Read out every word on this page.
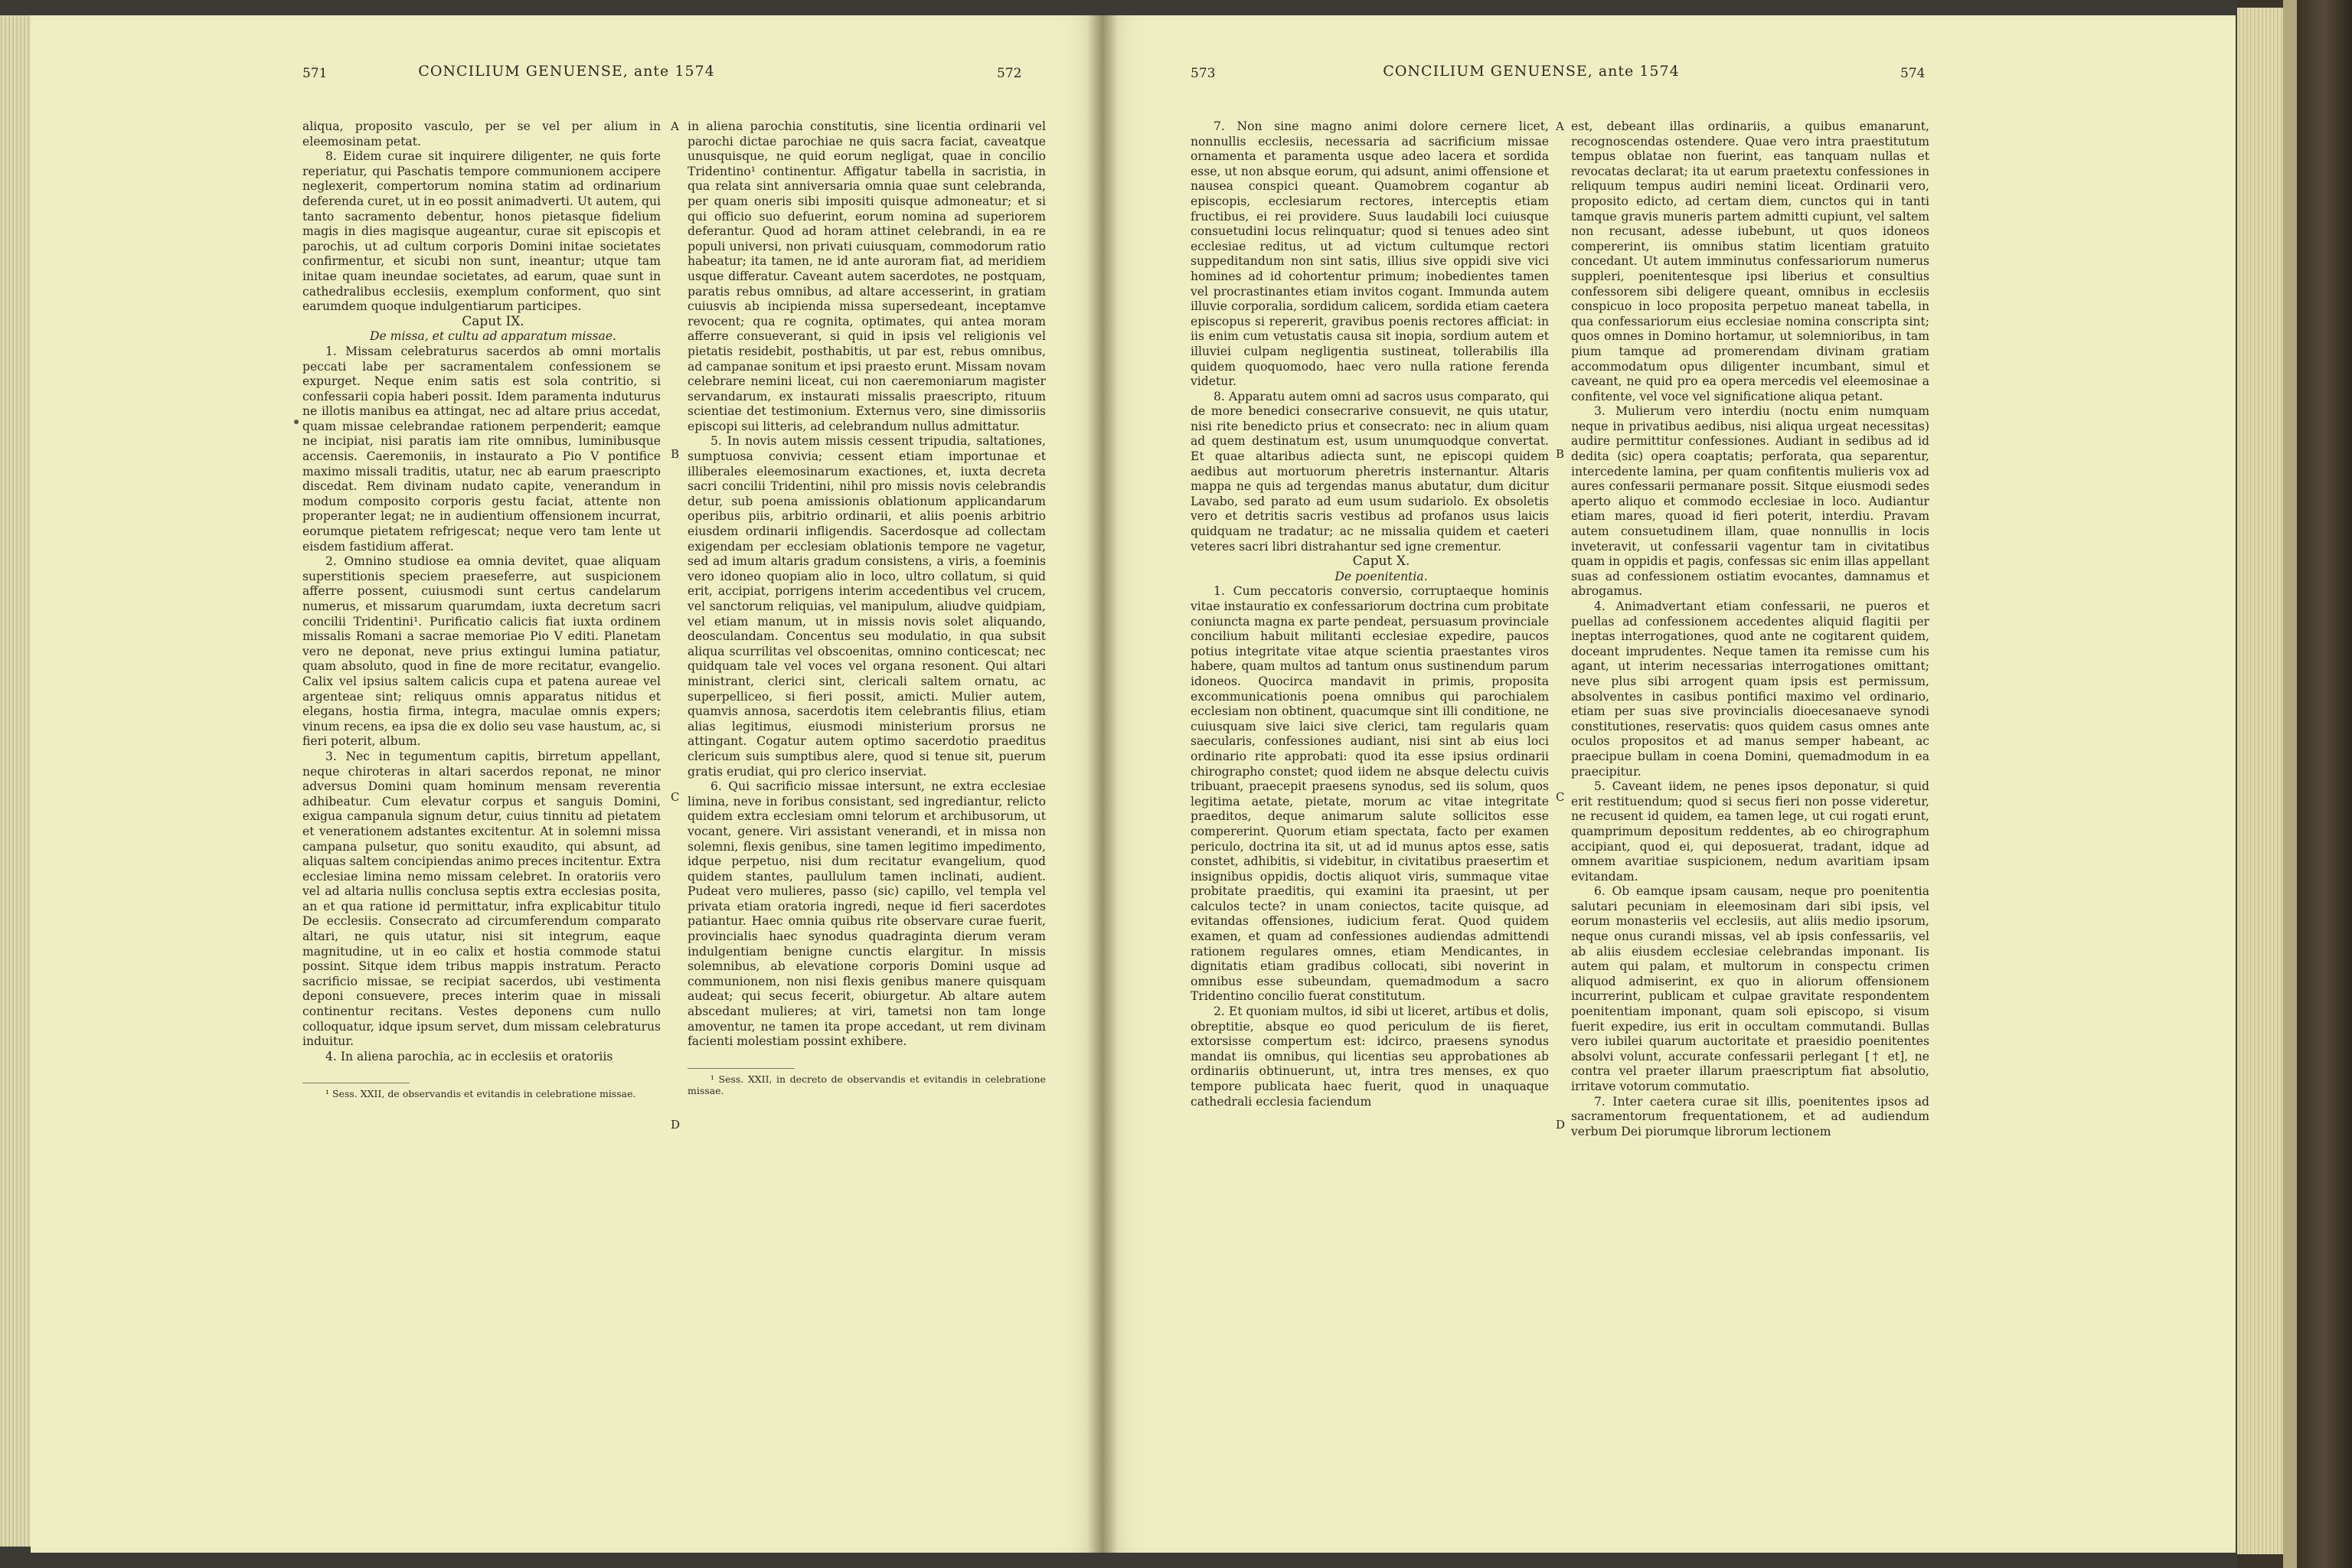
571	CONCILIUM GENUENSE, ante 1574	572

aliqua, proposito vasculo, per se vel per alium in eleemosinam petat.

8. Eidem curae sit inquirere diligenter, ne quis forte reperiatur, qui Paschatis tempore communionem accipere neglexerit, compertorum nomina statim ad ordinarium deferenda curet, ut in eo possit animadverti. Ut autem, qui tanto sacramento debentur, honos pietasque fidelium magis in dies magisque augeantur, curae sit episcopis et parochis, ut ad cultum corporis Domini initae societates confirmentur, et sicubi non sunt, ineantur; utque tam initae quam ineundae societates, ad earum, quae sunt in cathedralibus ecclesiis, exemplum conforment, quo sint earumdem quoque indulgentiarum participes.

Caput IX.

De missa, et cultu ad apparatum missae.

1. Missam celebraturus sacerdos ab omni mortalis peccati labe per sacramentalem confessionem se expurget. Neque enim satis est sola contritio, si confessarii copia haberi possit. Idem paramenta induturus ne illotis manibus ea attingat, nec ad altare prius accedat, quam missae celebrandae rationem perpenderit; eamque ne incipiat, nisi paratis iam rite omnibus, luminibusque accensis. Caeremoniis, in instaurato a Pio V pontifice maximo missali traditis, utatur, nec ab earum praescripto discedat. Rem divinam nudato capite, venerandum in modum composito corporis gestu faciat, attente non properanter legat; ne in audientium offensionem incurrat, eorumque pietatem refrigescat; neque vero tam lente ut eisdem fastidium afferat.

2. Omnino studiose ea omnia devitet, quae aliquam superstitionis speciem praeseferre, aut suspicionem afferre possent, cuiusmodi sunt certus candelarum numerus, et missarum quarumdam, iuxta decretum sacri concilii Tridentini¹. Purificatio calicis fiat iuxta ordinem missalis Romani a sacrae memoriae Pio V editi. Planetam vero ne deponat, neve prius extingui lumina patiatur, quam absoluto, quod in fine de more recitatur, evangelio. Calix vel ipsius saltem calicis cupa et patena aureae vel argenteae sint; reliquus omnis apparatus nitidus et elegans, hostia firma, integra, maculae omnis expers; vinum recens, ea ipsa die ex dolio seu vase haustum, ac, si fieri poterit, album.

3. Nec in tegumentum capitis, birretum appellant, neque chiroteras in altari sacerdos reponat, ne minor adversus Domini quam hominum mensam reverentia adhibeatur. Cum elevatur corpus et sanguis Domini, exigua campanula signum detur, cuius tinnitu ad pietatem et venerationem adstantes excitentur. At in solemni missa campana pulsetur, quo sonitu exaudito, qui absunt, ad aliquas saltem concipiendas animo preces incitentur. Extra ecclesiae limina nemo missam celebret. In oratoriis vero vel ad altaria nullis conclusa septis extra ecclesias posita, an et qua ratione id permittatur, infra explicabitur titulo De ecclesiis. Consecrato ad circumferendum comparato altari, ne quis utatur, nisi sit integrum, eaque magnitudine, ut in eo calix et hostia commode statui possint. Sitque idem tribus mappis instratum. Peracto sacrificio missae, se recipiat sacerdos, ubi vestimenta deponi consuevere, preces interim quae in missali continentur recitans. Vestes deponens cum nullo colloquatur, idque ipsum servet, dum missam celebraturus induitur.

4. In aliena parochia, ac in ecclesiis et oratoriis

¹ Sess. XXII, de observandis et evitandis in celebratione missae.

A
B
C
D

in aliena parochia constitutis, sine licentia ordinarii vel parochi dictae parochiae ne quis sacra faciat, caveatque unusquisque, ne quid eorum negligat, quae in concilio Tridentino¹ continentur. Affigatur tabella in sacristia, in qua relata sint anniversaria omnia quae sunt celebranda, per quam oneris sibi impositi quisque admoneatur; et si qui officio suo defuerint, eorum nomina ad superiorem deferantur. Quod ad horam attinet celebrandi, in ea re populi universi, non privati cuiusquam, commodorum ratio habeatur; ita tamen, ne id ante auroram fiat, ad meridiem usque differatur. Caveant autem sacerdotes, ne postquam, paratis rebus omnibus, ad altare accesserint, in gratiam cuiusvis ab incipienda missa supersedeant, inceptamve revocent; qua re cognita, optimates, qui antea moram afferre consueverant, si quid in ipsis vel religionis vel pietatis residebit, posthabitis, ut par est, rebus omnibus, ad campanae sonitum et ipsi praesto erunt. Missam novam celebrare nemini liceat, cui non caeremoniarum magister servandarum, ex instaurati missalis praescripto, rituum scientiae det testimonium. Externus vero, sine dimissoriis episcopi sui litteris, ad celebrandum nullus admittatur.

5. In novis autem missis cessent tripudia, saltationes, sumptuosa convivia; cessent etiam importunae et illiberales eleemosinarum exactiones, et, iuxta decreta sacri concilii Tridentini, nihil pro missis novis celebrandis detur, sub poena amissionis oblationum applicandarum operibus piis, arbitrio ordinarii, et aliis poenis arbitrio eiusdem ordinarii infligendis. Sacerdosque ad collectam exigendam per ecclesiam oblationis tempore ne vagetur, sed ad imum altaris gradum consistens, a viris, a foeminis vero idoneo quopiam alio in loco, ultro collatum, si quid erit, accipiat, porrigens interim accedentibus vel crucem, vel sanctorum reliquias, vel manipulum, aliudve quidpiam, vel etiam manum, ut in missis novis solet aliquando, deosculandam. Concentus seu modulatio, in qua subsit aliqua scurrilitas vel obscoenitas, omnino conticescat; nec quidquam tale vel voces vel organa resonent. Qui altari ministrant, clerici sint, clericali saltem ornatu, ac superpelliceo, si fieri possit, amicti. Mulier autem, quamvis annosa, sacerdotis item celebrantis filius, etiam alias legitimus, eiusmodi ministerium prorsus ne attingant. Cogatur autem optimo sacerdotio praeditus clericum suis sumptibus alere, quod si tenue sit, puerum gratis erudiat, qui pro clerico inserviat.

6. Qui sacrificio missae intersunt, ne extra ecclesiae limina, neve in foribus consistant, sed ingrediantur, relicto quidem extra ecclesiam omni telorum et archibusorum, ut vocant, genere. Viri assistant venerandi, et in missa non solemni, flexis genibus, sine tamen legitimo impedimento, idque perpetuo, nisi dum recitatur evangelium, quod quidem stantes, paullulum tamen inclinati, audient. Pudeat vero mulieres, passo (sic) capillo, vel templa vel privata etiam oratoria ingredi, neque id fieri sacerdotes patiantur. Haec omnia quibus rite observare curae fuerit, provincialis haec synodus quadraginta dierum veram indulgentiam benigne cunctis elargitur. In missis solemnibus, ab elevatione corporis Domini usque ad communionem, non nisi flexis genibus manere quisquam audeat; qui secus fecerit, obiurgetur. Ab altare autem abscedant mulieres; at viri, tametsi non tam longe amoventur, ne tamen ita prope accedant, ut rem divinam facienti molestiam possint exhibere.

¹ Sess. XXII, in decreto de observandis et evitandis in celebratione missae.

573	CONCILIUM GENUENSE, ante 1574	574

7. Non sine magno animi dolore cernere licet, nonnullis ecclesiis, necessaria ad sacrificium missae ornamenta et paramenta usque adeo lacera et sordida esse, ut non absque eorum, qui adsunt, animi offensione et nausea conspici queant. Quamobrem cogantur ab episcopis, ecclesiarum rectores, interceptis etiam fructibus, ei rei providere. Suus laudabili loci cuiusque consuetudini locus relinquatur; quod si tenues adeo sint ecclesiae reditus, ut ad victum cultumque rectori suppeditandum non sint satis, illius sive oppidi sive vici homines ad id cohortentur primum; inobedientes tamen vel procrastinantes etiam invitos cogant. Immunda autem illuvie corporalia, sordidum calicem, sordida etiam caetera episcopus si repererit, gravibus poenis rectores afficiat: in iis enim cum vetustatis causa sit inopia, sordium autem et illuviei culpam negligentia sustineat, tollerabilis illa quidem quoquomodo, haec vero nulla ratione ferenda videtur.

8. Apparatu autem omni ad sacros usus comparato, qui de more benedici consecrarive consuevit, ne quis utatur, nisi rite benedicto prius et consecrato: nec in alium quam ad quem destinatum est, usum unumquodque convertat. Et quae altaribus adiecta sunt, ne episcopi quidem aedibus aut mortuorum pheretris insternantur. Altaris mappa ne quis ad tergendas manus abutatur, dum dicitur Lavabo, sed parato ad eum usum sudariolo. Ex obsoletis vero et detritis sacris vestibus ad profanos usus laicis quidquam ne tradatur; ac ne missalia quidem et caeteri veteres sacri libri distrahantur sed igne crementur.

Caput X.

De poenitentia.

1. Cum peccatoris conversio, corruptaeque hominis vitae instauratio ex confessariorum doctrina cum probitate coniuncta magna ex parte pendeat, persuasum provinciale concilium habuit militanti ecclesiae expedire, paucos potius integritate vitae atque scientia praestantes viros habere, quam multos ad tantum onus sustinendum parum idoneos. Quocirca mandavit in primis, proposita excommunicationis poena omnibus qui parochialem ecclesiam non obtinent, quacumque sint illi conditione, ne cuiusquam sive laici sive clerici, tam regularis quam saecularis, confessiones audiant, nisi sint ab eius loci ordinario rite approbati: quod ita esse ipsius ordinarii chirographo constet; quod iidem ne absque delectu cuivis tribuant, praecepit praesens synodus, sed iis solum, quos legitima aetate, pietate, morum ac vitae integritate praeditos, deque animarum salute sollicitos esse compererint. Quorum etiam spectata, facto per examen periculo, doctrina ita sit, ut ad id munus aptos esse, satis constet, adhibitis, si videbitur, in civitatibus praesertim et insignibus oppidis, doctis aliquot viris, summaque vitae probitate praeditis, qui examini ita praesint, ut per calculos tecte? in unam coniectos, tacite quisque, ad evitandas offensiones, iudicium ferat. Quod quidem examen, et quam ad confessiones audiendas admittendi rationem regulares omnes, etiam Mendicantes, in dignitatis etiam gradibus collocati, sibi noverint in omnibus esse subeundam, quemadmodum a sacro Tridentino concilio fuerat constitutum.

2. Et quoniam multos, id sibi ut liceret, artibus et dolis, obreptitie, absque eo quod periculum de iis fieret, extorsisse compertum est: idcirco, praesens synodus mandat iis omnibus, qui licentias seu approbationes ab ordinariis obtinuerunt, ut, intra tres menses, ex quo tempore publicata haec fuerit, quod in unaquaque cathedrali ecclesia faciendum

A
B
C
D

est, debeant illas ordinariis, a quibus emanarunt, recognoscendas ostendere. Quae vero intra praestitutum tempus oblatae non fuerint, eas tanquam nullas et revocatas declarat; ita ut earum praetextu confessiones in reliquum tempus audiri nemini liceat. Ordinarii vero, proposito edicto, ad certam diem, cunctos qui in tanti tamque gravis muneris partem admitti cupiunt, vel saltem non recusant, adesse iubebunt, ut quos idoneos compererint, iis omnibus statim licentiam gratuito concedant. Ut autem imminutus confessariorum numerus suppleri, poenitentesque ipsi liberius et consultius confessorem sibi deligere queant, omnibus in ecclesiis conspicuo in loco proposita perpetuo maneat tabella, in qua confessariorum eius ecclesiae nomina conscripta sint; quos omnes in Domino hortamur, ut solemnioribus, in tam pium tamque ad promerendam divinam gratiam accommodatum opus diligenter incumbant, simul et caveant, ne quid pro ea opera mercedis vel eleemosinae a confitente, vel voce vel significatione aliqua petant.

3. Mulierum vero interdiu (noctu enim numquam neque in privatibus aedibus, nisi aliqua urgeat necessitas) audire permittitur confessiones. Audiant in sedibus ad id dedita (sic) opera coaptatis; perforata, qua separentur, intercedente lamina, per quam confitentis mulieris vox ad aures confessarii permanare possit. Sitque eiusmodi sedes aperto aliquo et commodo ecclesiae in loco. Audiantur etiam mares, quoad id fieri poterit, interdiu. Pravam autem consuetudinem illam, quae nonnullis in locis inveteravit, ut confessarii vagentur tam in civitatibus quam in oppidis et pagis, confessas sic enim illas appellant suas ad confessionem ostiatim evocantes, damnamus et abrogamus.

4. Animadvertant etiam confessarii, ne pueros et puellas ad confessionem accedentes aliquid flagitii per ineptas interrogationes, quod ante ne cogitarent quidem, doceant imprudentes. Neque tamen ita remisse cum his agant, ut interim necessarias interrogationes omittant; neve plus sibi arrogent quam ipsis est permissum, absolventes in casibus pontifici maximo vel ordinario, etiam per suas sive provincialis dioecesanaeve synodi constitutiones, reservatis: quos quidem casus omnes ante oculos propositos et ad manus semper habeant, ac praecipue bullam in coena Domini, quemadmodum in ea praecipitur.

5. Caveant iidem, ne penes ipsos deponatur, si quid erit restituendum; quod si secus fieri non posse videretur, ne recusent id quidem, ea tamen lege, ut cui rogati erunt, quamprimum depositum reddentes, ab eo chirographum accipiant, quod ei, qui deposuerat, tradant, idque ad omnem avaritiae suspicionem, nedum avaritiam ipsam evitandam.

6. Ob eamque ipsam causam, neque pro poenitentia salutari pecuniam in eleemosinam dari sibi ipsis, vel eorum monasteriis vel ecclesiis, aut aliis medio ipsorum, neque onus curandi missas, vel ab ipsis confessariis, vel ab aliis eiusdem ecclesiae celebrandas imponant. Iis autem qui palam, et multorum in conspectu crimen aliquod admiserint, ex quo in aliorum offensionem incurrerint, publicam et culpae gravitate respondentem poenitentiam imponant, quam soli episcopo, si visum fuerit expedire, ius erit in occultam commutandi. Bullas vero iubilei quarum auctoritate et praesidio poenitentes absolvi volunt, accurate confessarii perlegant [† et], ne contra vel praeter illarum praescriptum fiat absolutio, irritave votorum commutatio.

7. Inter caetera curae sit illis, poenitentes ipsos ad sacramentorum frequentationem, et ad audiendum verbum Dei piorumque librorum lectionem
